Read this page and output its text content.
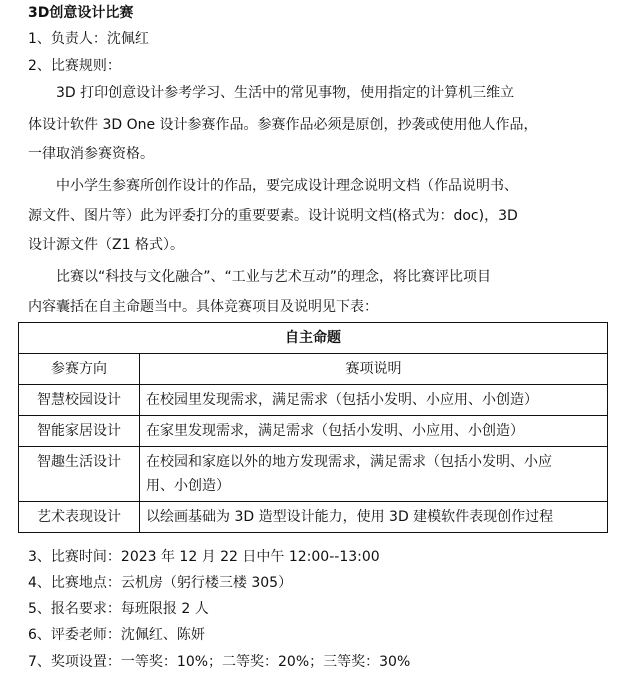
3D创意设计比赛
1、负责人：沈佩红
2、比赛规则：
3D 打印创意设计参考学习、生活中的常见事物，使用指定的计算机三维立
体设计软件 3D One 设计参赛作品。参赛作品必须是原创，抄袭或使用他人作品，
一律取消参赛资格。
中小学生参赛所创作设计的作品，要完成设计理念说明文档（作品说明书、
源文件、图片等）此为评委打分的重要要素。设计说明文档(格式为：doc)，3D
设计源文件（Z1 格式）。
比赛以“科技与文化融合”、“工业与艺术互动”的理念，将比赛评比项目
内容囊括在自主命题当中。具体竞赛项目及说明见下表：
自主命题	
参赛方向	赛项说明
智慧校园设计	在校园里发现需求，满足需求（包括小发明、小应用、小创造）
智能家居设计	在家里发现需求，满足需求（包括小发明、小应用、小创造）
智趣生活设计	在校园和家庭以外的地方发现需求，满足需求（包括小发明、小应
用、小创造）

艺术表现设计	以绘画基础为 3D 造型设计能力，使用 3D 建模软件表现创作过程
3、比赛时间：2023 年 12 月 22 日中午 12:00--13:00
4、比赛地点：云机房（躬行楼三楼 305）
5、报名要求：每班限报 2 人
6、评委老师：沈佩红、陈妍
7、奖项设置：一等奖：10%；二等奖：20%；三等奖：30%
